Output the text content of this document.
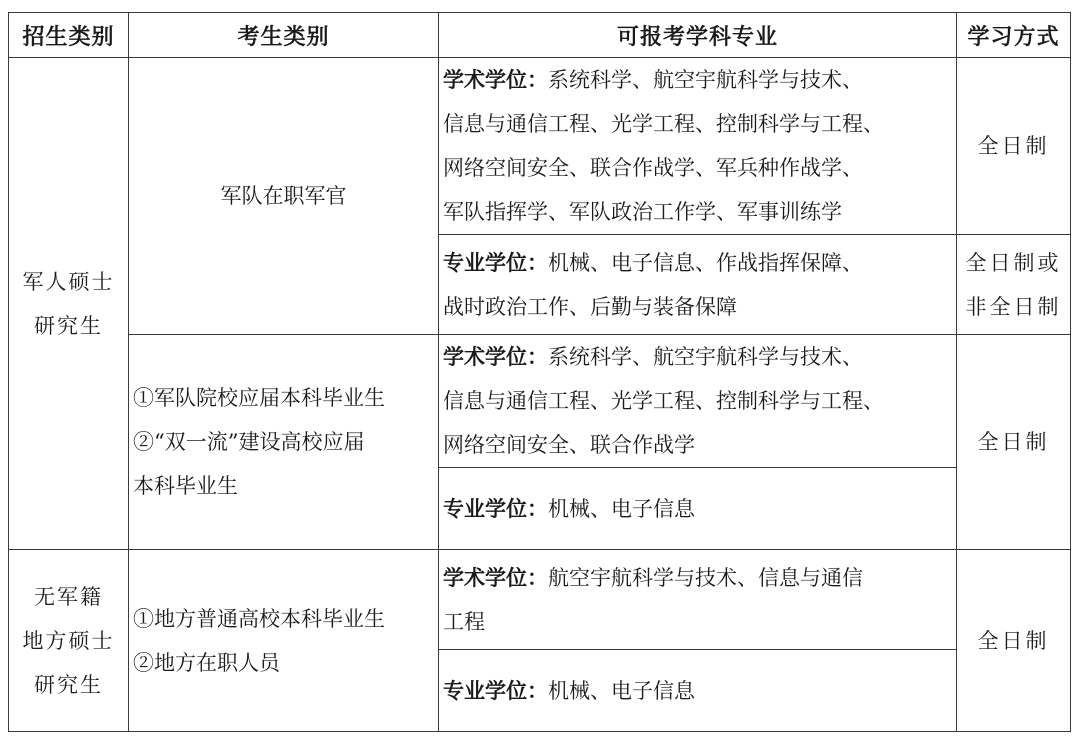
招生类别	考生类别	可报考学科专业	学习方式

军人硕士
研究生	军队在职军官	学术学位：系统科学、航空宇航科学与技术、
信息与通信工程、光学工程、控制科学与工程、
网络空间安全、联合作战学、军兵种作战学、
军队指挥学、军队政治工作学、军事训练学	全日制

		专业学位：机械、电子信息、作战指挥保障、
战时政治工作、后勤与装备保障	全日制或
非全日制

	①军队院校应届本科毕业生
②“双一流”建设高校应届
本科毕业生	学术学位：系统科学、航空宇航科学与技术、
信息与通信工程、光学工程、控制科学与工程、
网络空间安全、联合作战学	全日制

		专业学位：机械、电子信息	

无军籍
地方硕士
研究生	①地方普通高校本科毕业生
②地方在职人员	学术学位：航空宇航科学与技术、信息与通信
工程	全日制

		专业学位：机械、电子信息	
